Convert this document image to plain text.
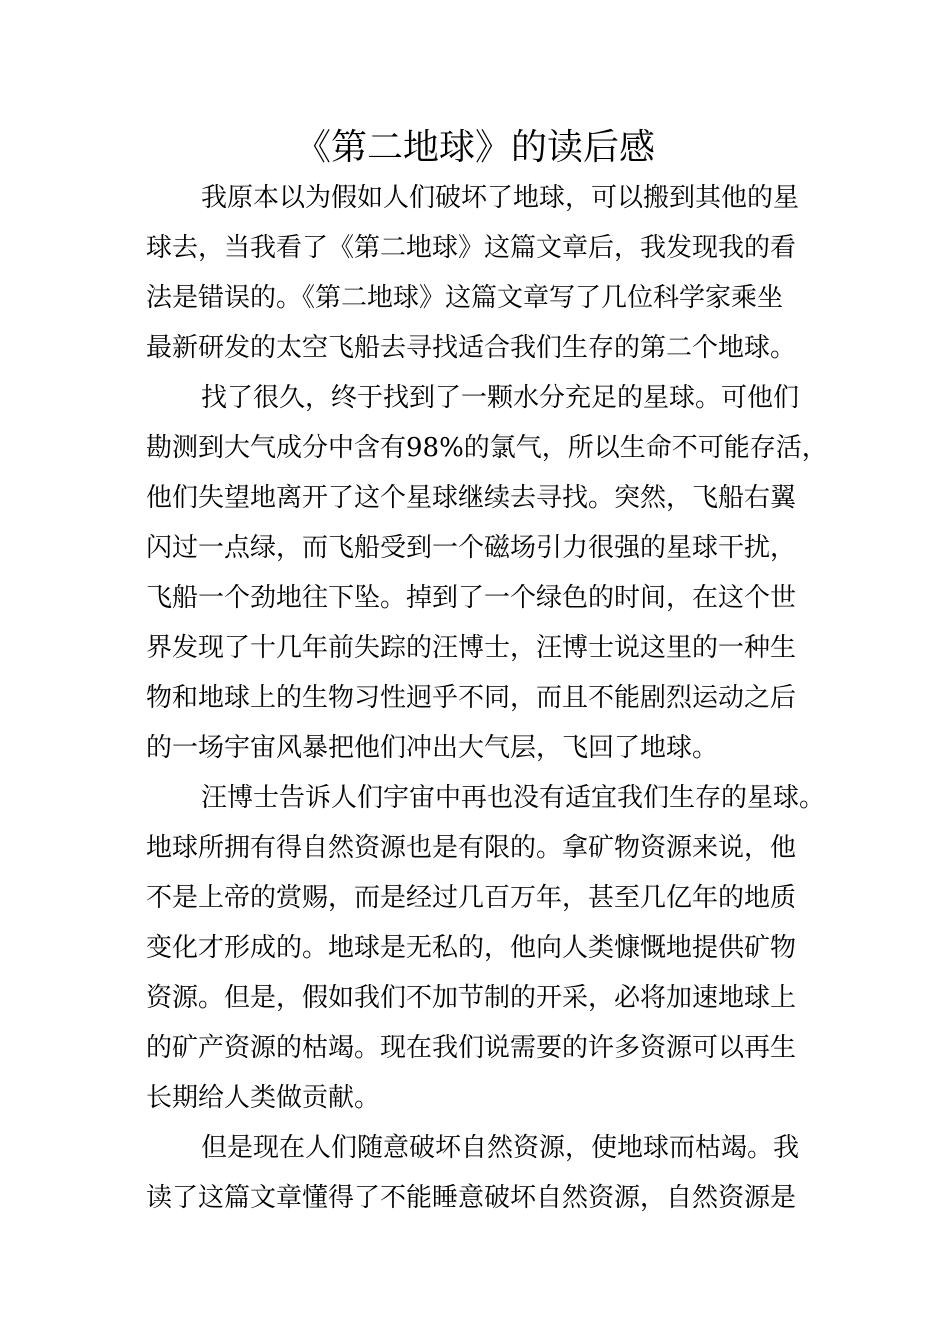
《第二地球》的读后感
我原本以为假如人们破坏了地球，可以搬到其他的星
球去，当我看了《第二地球》这篇文章后，我发现我的看
法是错误的。《第二地球》这篇文章写了几位科学家乘坐
最新研发的太空飞船去寻找适合我们生存的第二个地球。
找了很久，终于找到了一颗水分充足的星球。可他们
勘测到大气成分中含有98%的氯气，所以生命不可能存活，
他们失望地离开了这个星球继续去寻找。突然，飞船右翼
闪过一点绿，而飞船受到一个磁场引力很强的星球干扰，
飞船一个劲地往下坠。掉到了一个绿色的时间，在这个世
界发现了十几年前失踪的汪博士，汪博士说这里的一种生
物和地球上的生物习性迥乎不同，而且不能剧烈运动之后
的一场宇宙风暴把他们冲出大气层，飞回了地球。
汪博士告诉人们宇宙中再也没有适宜我们生存的星球。
地球所拥有得自然资源也是有限的。拿矿物资源来说，他
不是上帝的赏赐，而是经过几百万年，甚至几亿年的地质
变化才形成的。地球是无私的，他向人类慷慨地提供矿物
资源。但是，假如我们不加节制的开采，必将加速地球上
的矿产资源的枯竭。现在我们说需要的许多资源可以再生
长期给人类做贡献。
但是现在人们随意破坏自然资源，使地球而枯竭。我
读了这篇文章懂得了不能睡意破坏自然资源，自然资源是
